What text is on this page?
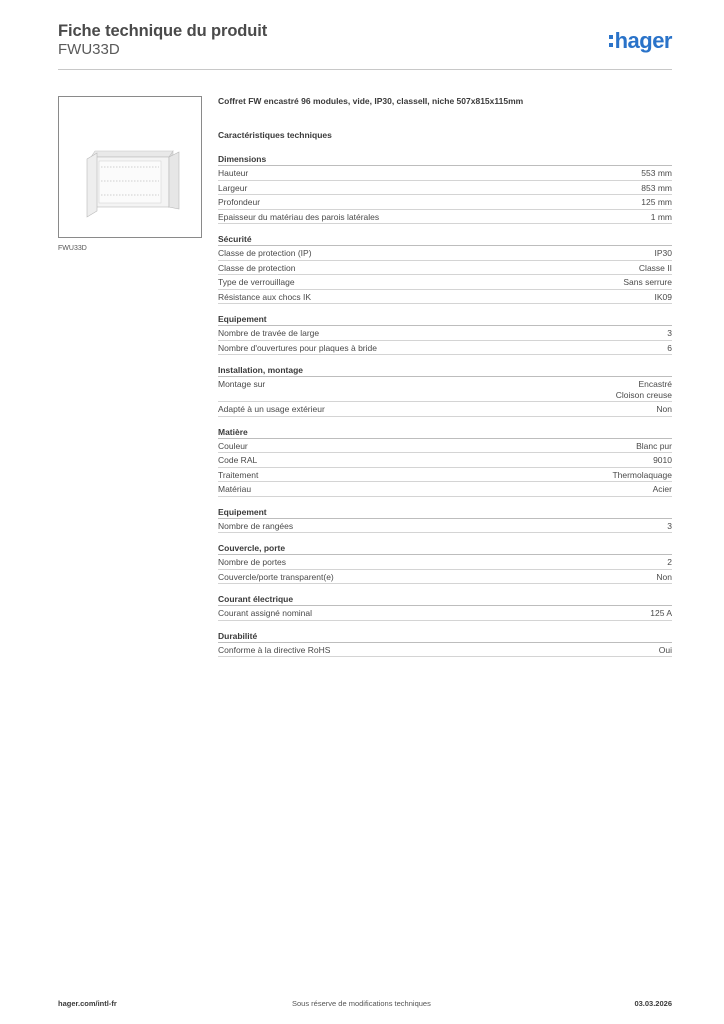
Fiche technique du produit
FWU33D	hager
FWU33D
Coffret FW encastré 96 modules, vide, IP30, classeII, niche 507x815x115mm
Caractéristiques techniques
Dimensions
Hauteur	553 mm
Largeur	853 mm
Profondeur	125 mm
Epaisseur du matériau des parois latérales	1 mm
Sécurité
Classe de protection (IP)	IP30
Classe de protection	Classe II
Type de verrouillage	Sans serrure
Résistance aux chocs IK	IK09
Equipement
Nombre de travée de large	3
Nombre d'ouvertures pour plaques à bride	6
Installation, montage
Montage sur	Encastré
Cloison creuse
Adapté à un usage extérieur	Non
Matière
Couleur	Blanc pur
Code RAL	9010
Traitement	Thermolaquage
Matériau	Acier
Equipement
Nombre de rangées	3
Couvercle, porte
Nombre de portes	2
Couvercle/porte transparent(e)	Non
Courant électrique
Courant assigné nominal	125 A
Durabilité
Conforme à la directive RoHS	Oui
hager.com/intl-fr	Sous réserve de modifications techniques	03.03.2026
